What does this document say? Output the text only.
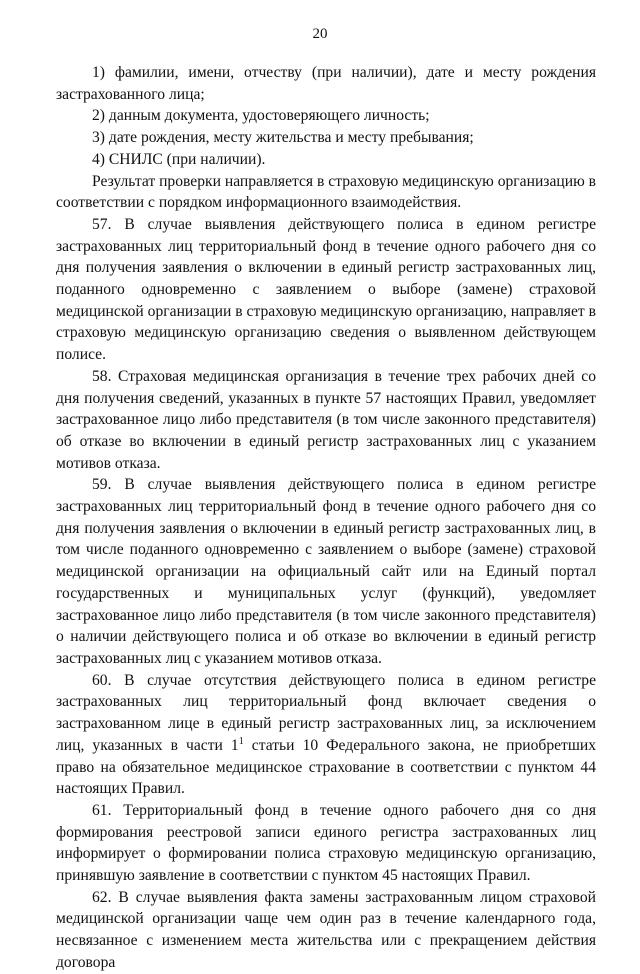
20

1) фамилии, имени, отчеству (при наличии), дате и месту рождения застрахованного лица;

2) данным документа, удостоверяющего личность;

3) дате рождения, месту жительства и месту пребывания;

4) СНИЛС (при наличии).

Результат проверки направляется в страховую медицинскую организацию в соответствии с порядком информационного взаимодействия.

57. В случае выявления действующего полиса в едином регистре застрахованных лиц территориальный фонд в течение одного рабочего дня со дня получения заявления о включении в единый регистр застрахованных лиц, поданного одновременно с заявлением о выборе (замене) страховой медицинской организации в страховую медицинскую организацию, направляет в страховую медицинскую организацию сведения о выявленном действующем полисе.

58. Страховая медицинская организация в течение трех рабочих дней со дня получения сведений, указанных в пункте 57 настоящих Правил, уведомляет застрахованное лицо либо представителя (в том числе законного представителя) об отказе во включении в единый регистр застрахованных лиц с указанием мотивов отказа.

59. В случае выявления действующего полиса в едином регистре застрахованных лиц территориальный фонд в течение одного рабочего дня со дня получения заявления о включении в единый регистр застрахованных лиц, в том числе поданного одновременно с заявлением о выборе (замене) страховой медицинской организации на официальный сайт или на Единый портал государственных и муниципальных услуг (функций), уведомляет застрахованное лицо либо представителя (в том числе законного представителя) о наличии действующего полиса и об отказе во включении в единый регистр застрахованных лиц с указанием мотивов отказа.

60. В случае отсутствия действующего полиса в едином регистре застрахованных лиц территориальный фонд включает сведения о застрахованном лице в единый регистр застрахованных лиц, за исключением лиц, указанных в части $1^1$ статьи 10 Федерального закона, не приобретших право на обязательное медицинское страхование в соответствии с пунктом 44 настоящих Правил.

61. Территориальный фонд в течение одного рабочего дня со дня формирования реестровой записи единого регистра застрахованных лиц информирует о формировании полиса страховую медицинскую организацию, принявшую заявление в соответствии с пунктом 45 настоящих Правил.

62. В случае выявления факта замены застрахованным лицом страховой медицинской организации чаще чем один раз в течение календарного года, несвязанное с изменением места жительства или с прекращением действия договора
